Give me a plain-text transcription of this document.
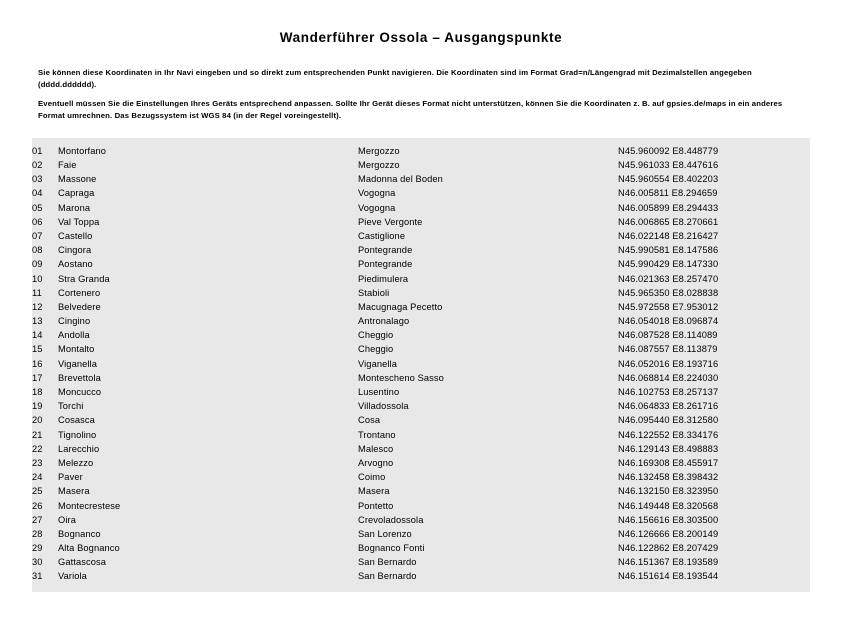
Wanderführer Ossola – Ausgangspunkte

Sie können diese Koordinaten in Ihr Navi eingeben und so direkt zum entsprechenden Punkt navigieren. Die Koordinaten sind im Format Grad=n/Längengrad mit Dezimalstellen angegeben (dddd.dddddd).

Eventuell müssen Sie die Einstellungen Ihres Geräts entsprechend anpassen. Sollte Ihr Gerät dieses Format nicht unterstützen, können Sie die Koordinaten z. B. auf gpsies.de/maps in ein anderes Format umrechnen. Das Bezugssystem ist WGS 84 (in der Regel voreingestellt).

01	Montorfano	Mergozzo	N45.960092 E8.448779
02	Faie	Mergozzo	N45.961033 E8.447616
03	Massone	Madonna del Boden	N45.960554 E8.402203
04	Capraga	Vogogna	N46.005811 E8.294659
05	Marona	Vogogna	N46.005899 E8.294433
06	Val Toppa	Pieve Vergonte	N46.006865 E8.270661
07	Castello	Castiglione	N46.022148 E8.216427
08	Cingora	Pontegrande	N45.990581 E8.147586
09	Aostano	Pontegrande	N45.990429 E8.147330
10	Stra Granda	Piedimulera	N46.021363 E8.257470
11	Cortenero	Stabioli	N45.965350 E8.028838
12	Belvedere	Macugnaga Pecetto	N45.972558 E7.953012
13	Cingino	Antronalago	N46.054018 E8.096874
14	Andolla	Cheggio	N46.087528 E8.114089
15	Montalto	Cheggio	N46.087557 E8.113879
16	Viganella	Viganella	N46.052016 E8.193716
17	Brevettola	Montescheno Sasso	N46.068814 E8.224030
18	Moncucco	Lusentino	N46.102753 E8.257137
19	Torchi	Villadossola	N46.064833 E8.261716
20	Cosasca	Cosa	N46.095440 E8.312580
21	Tignolino	Trontano	N46.122552 E8.334176
22	Larecchio	Malesco	N46.129143 E8.498883
23	Melezzo	Arvogno	N46.169308 E8.455917
24	Paver	Coimo	N46.132458 E8.398432
25	Masera	Masera	N46.132150 E8.323950
26	Montecrestese	Pontetto	N46.149448 E8.320568
27	Oira	Crevoladossola	N46.156616 E8.303500
28	Bognanco	San Lorenzo	N46.126666 E8.200149
29	Alta Bognanco	Bognanco Fonti	N46.122862 E8.207429
30	Gattascosa	San Bernardo	N46.151367 E8.193589
31	Variola	San Bernardo	N46.151614 E8.193544
